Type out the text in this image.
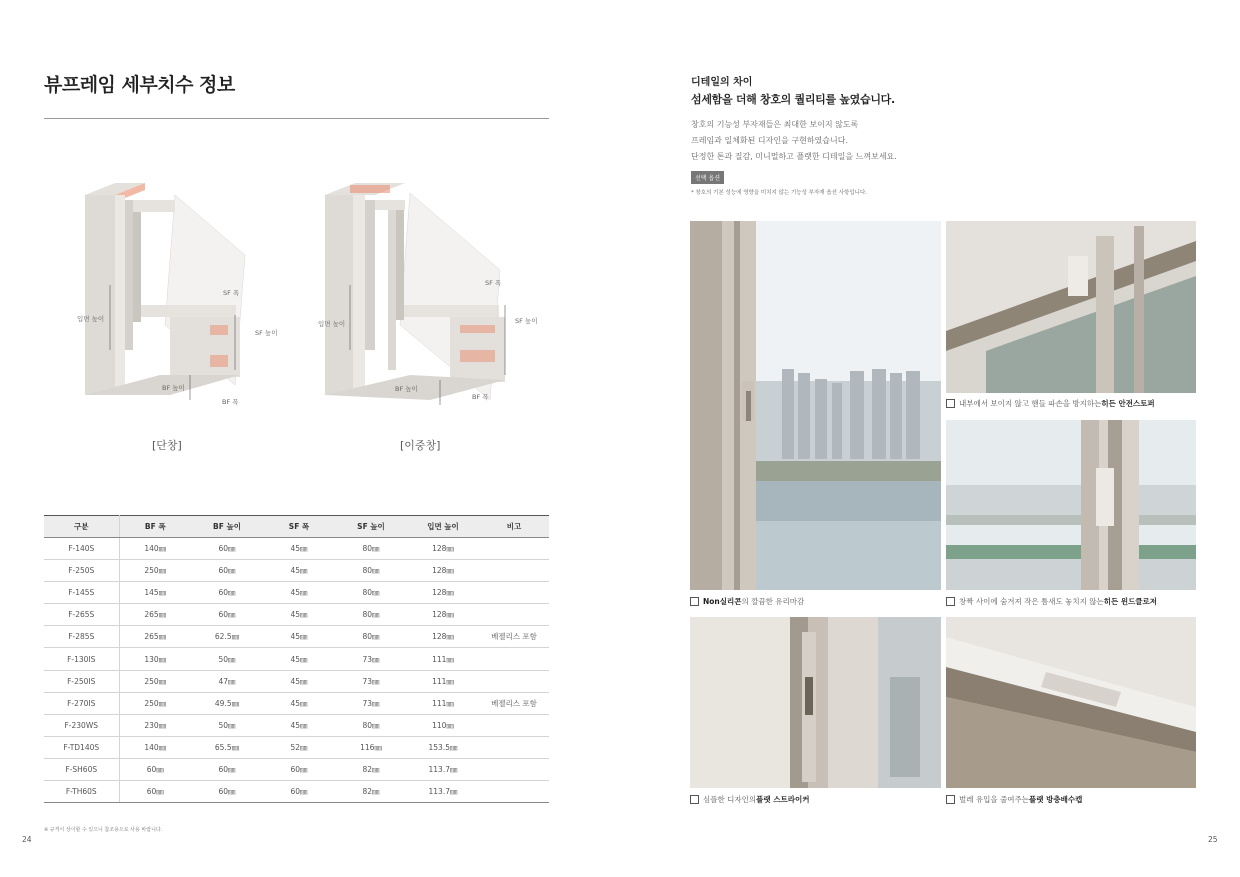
뷰프레임 세부치수 정보
SF 폭
SF 높이
입면 높이
BF 높이
BF 폭
[단창]
SF 폭
SF 높이
입면 높이
BF 높이
BF 폭
[이중창]
구분	BF 폭	BF 높이	SF 폭	SF 높이	입면 높이	비고
F-140S	140㎜	60㎜	45㎜	80㎜	128㎜	
F-250S	250㎜	60㎜	45㎜	80㎜	128㎜	
F-145S	145㎜	60㎜	45㎜	80㎜	128㎜	
F-265S	265㎜	60㎜	45㎜	80㎜	128㎜	
F-285S	265㎜	62.5㎜	45㎜	80㎜	128㎜	베젤리스 포함
F-130IS	130㎜	50㎜	45㎜	73㎜	111㎜	
F-250IS	250㎜	47㎜	45㎜	73㎜	111㎜	
F-270IS	250㎜	49.5㎜	45㎜	73㎜	111㎜	베젤리스 포함
F-230WS	230㎜	50㎜	45㎜	80㎜	110㎜	
F-TD140S	140㎜	65.5㎜	52㎜	116㎜	153.5㎜	
F-SH60S	60㎜	60㎜	60㎜	82㎜	113.7㎜	
F-TH60S	60㎜	60㎜	60㎜	82㎜	113.7㎜	
※ 규격이 상이할 수 있으니 참조용으로 사용 바랍니다.
24
디테일의 차이
섬세함을 더해 창호의 퀄리티를 높였습니다.
창호의 기능성 부자재들은 최대한 보이지 않도록
프레임과 일체화된 디자인을 구현하였습니다.
단정한 톤과 질감, 미니멀하고 플랫한 디테일을 느껴보세요.
선택 옵션
* 창호의 기본 성능에 영향을 미치지 않는 기능성 부자재 옵션 사항입니다.
Non실리콘 의 깔끔한 유리마감
내부에서 보이지 않고 핸들 파손을 방지하는 히든 안전스토퍼
창짝 사이에 숨겨져 작은 틈새도 놓치지 않는 히든 윈드클로저
심플한 디자인의 플랫 스트라이커	벌레 유입을 줄여주는 플랫 방충배수캡
25
